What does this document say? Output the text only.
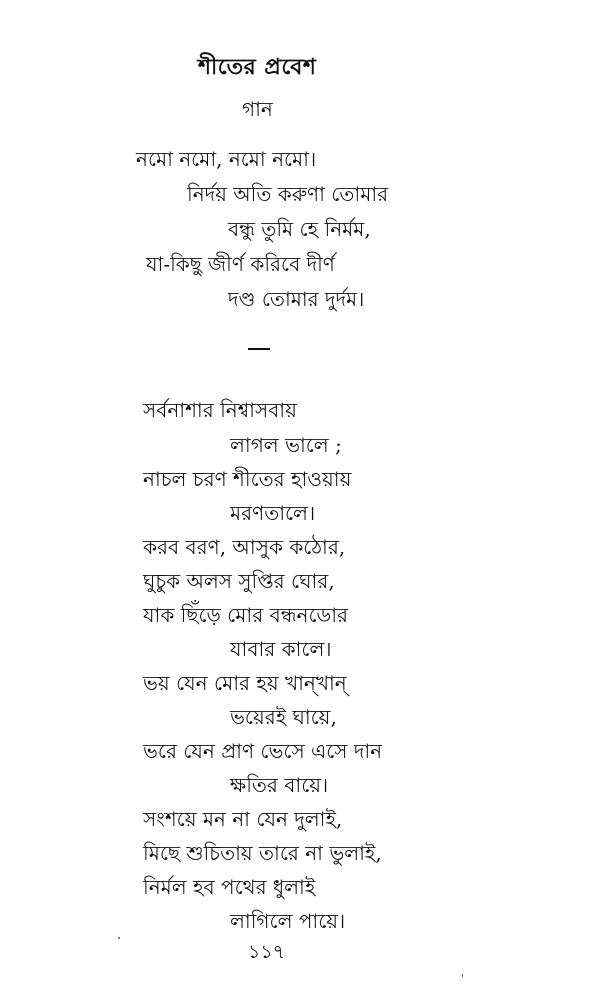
শীতের প্রবেশ
গান
নমো নমো, নমো নমো।
নির্দয় অতি করুণা তোমার
বন্ধু তুমি হে নির্মম,
যা-কিছু জীর্ণ করিবে দীর্ণ
দণ্ড তোমার দুর্দম।
সর্বনাশার নিশ্বাসবায়
লাগল ভালে ;
নাচল চরণ শীতের হাওয়ায়
মরণতালে।
করব বরণ, আসুক কঠোর,
ঘুচুক অলস সুপ্তির ঘোর,
যাক ছিঁড়ে মোর বন্ধনডোর
যাবার কালে।
ভয় যেন মোর হয় খান্‌খান্‌
ভয়েরই ঘায়ে,
ভরে যেন প্রাণ ভেসে এসে দান
ক্ষতির বায়ে।
সংশয়ে মন না যেন দুলাই,
মিছে শুচিতায় তারে না ভুলাই,
নির্মল হব পথের ধুলাই
লাগিলে পায়ে।
১১৭
